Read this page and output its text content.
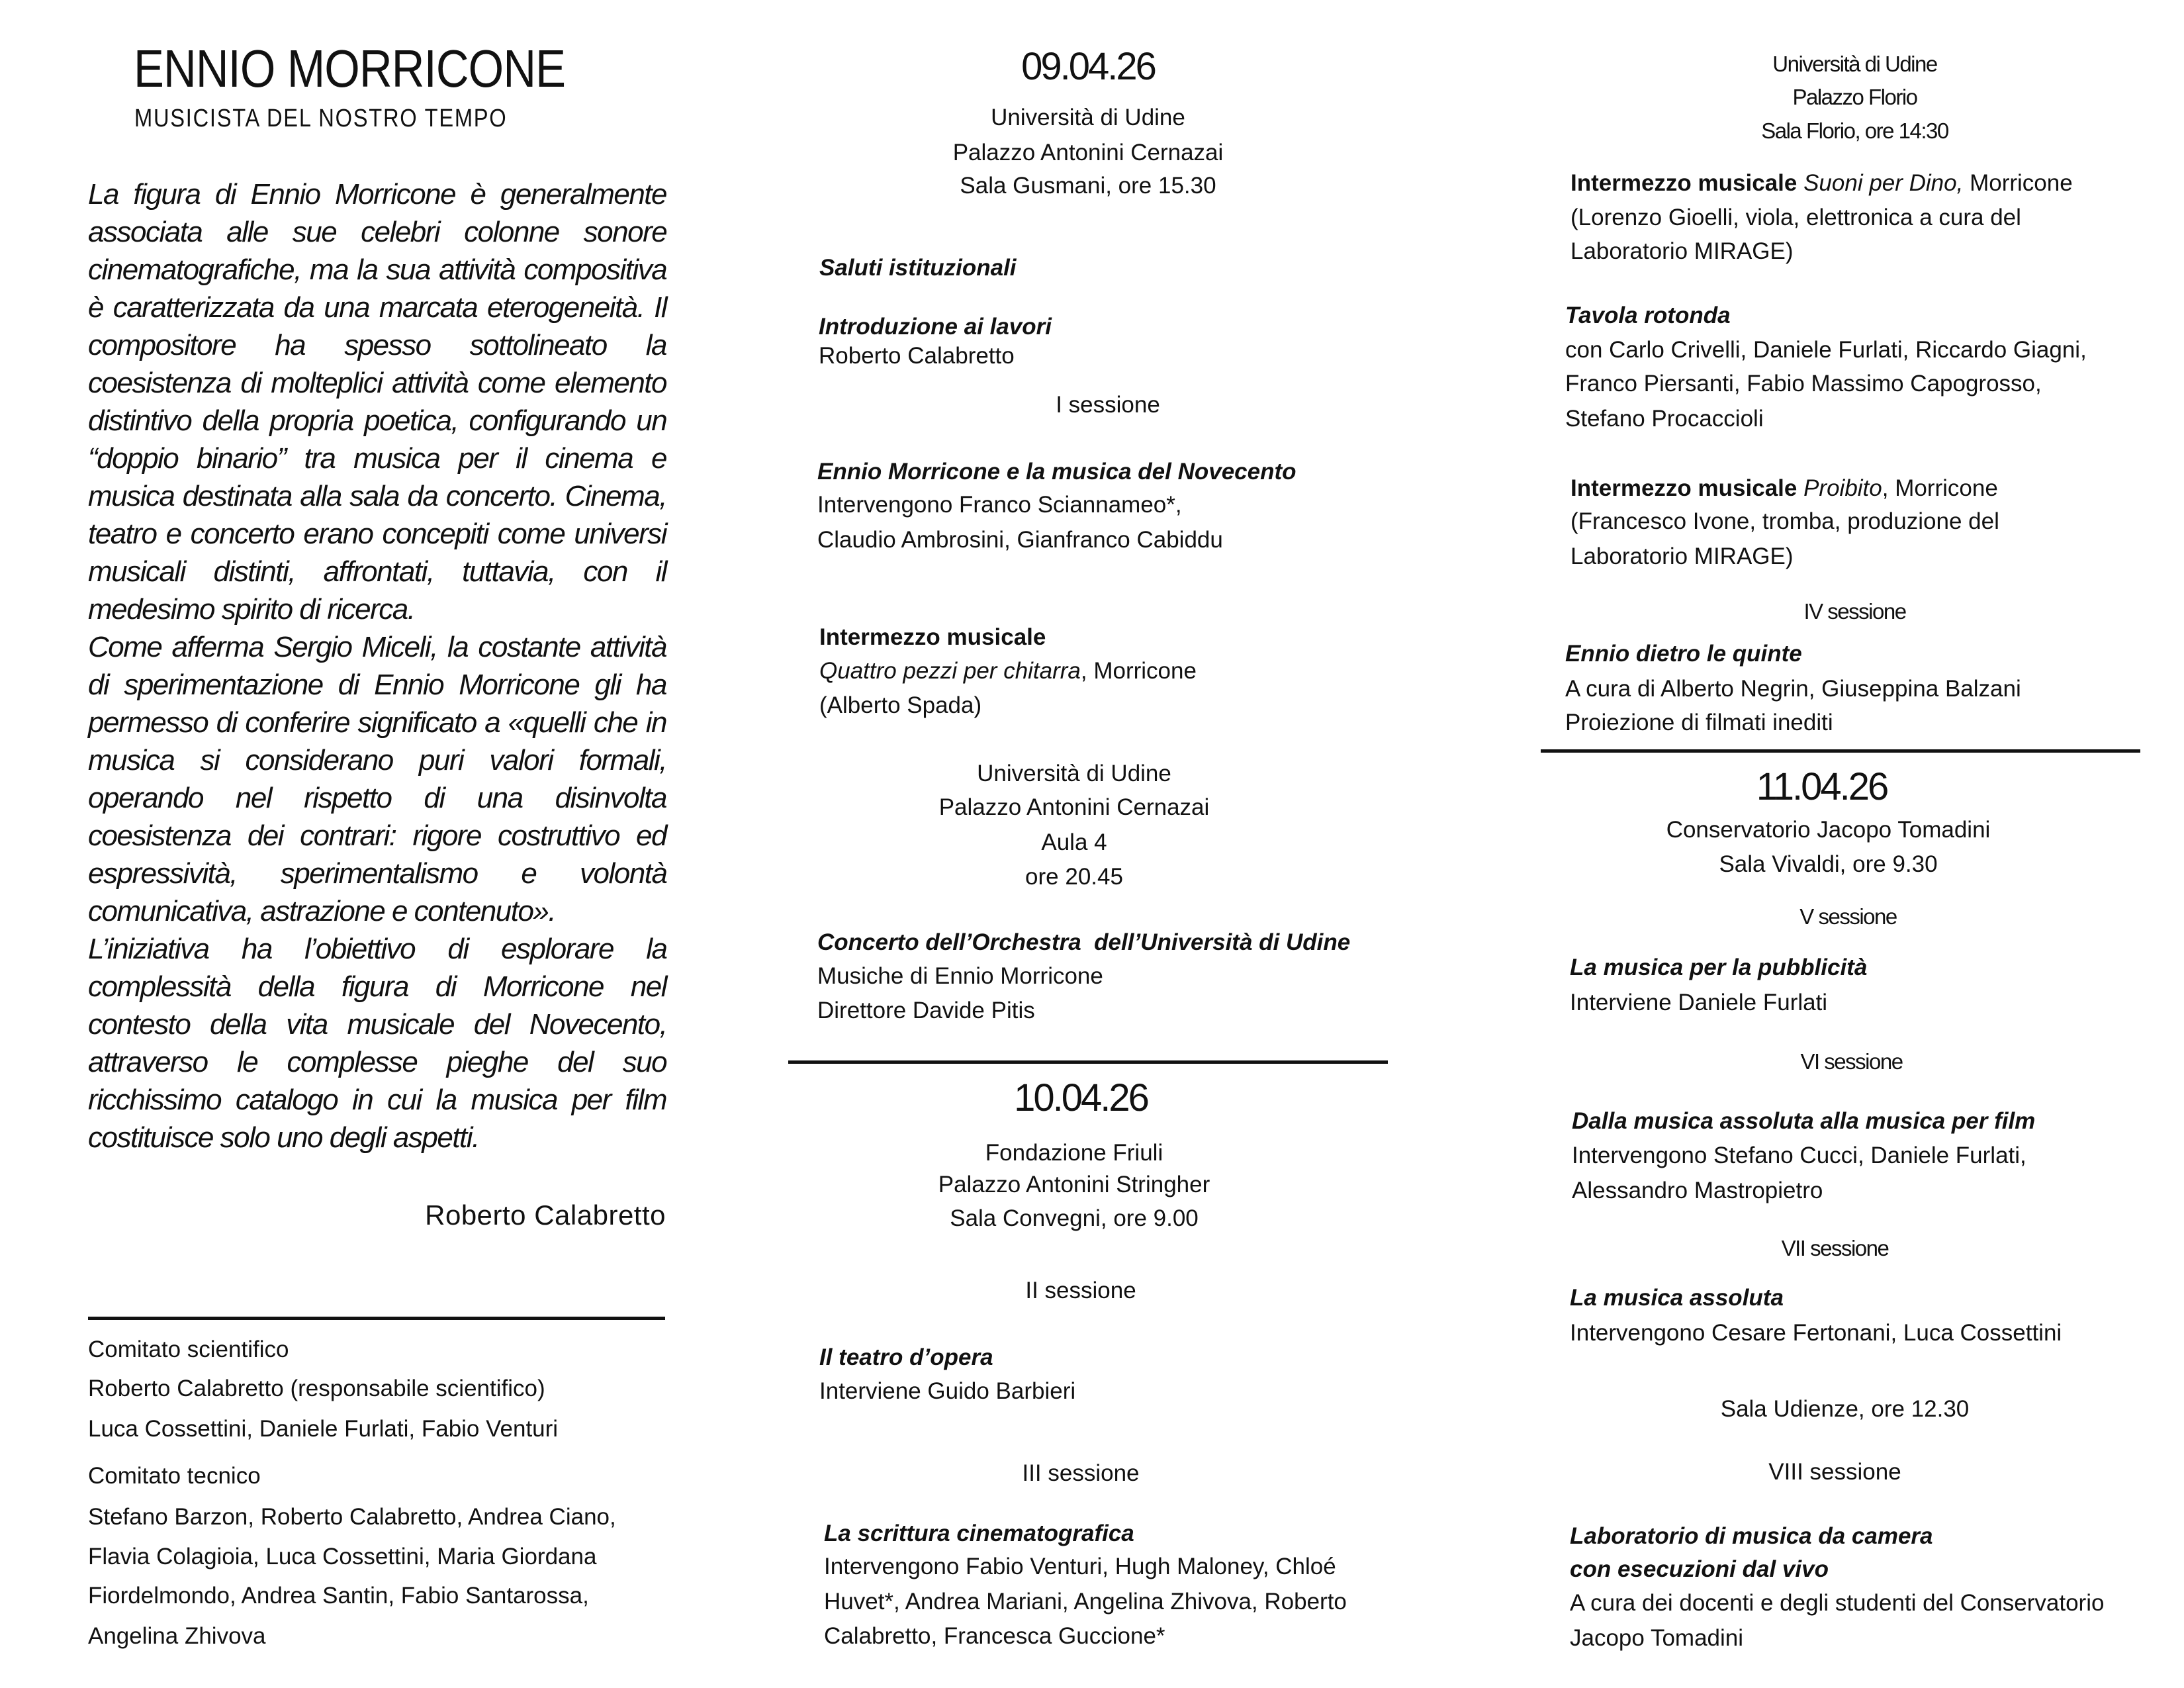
ENNIO MORRICONE
MUSICISTA DEL NOSTRO TEMPO
La figura di Ennio Morricone è generalmente
associata alle sue celebri colonne sonore
cinematografiche, ma la sua attività compositiva
è caratterizzata da una marcata eterogeneità. Il
compositore ha spesso sottolineato la
coesistenza di molteplici attività come elemento
distintivo della propria poetica, configurando un
“doppio binario” tra musica per il cinema e
musica destinata alla sala da concerto. Cinema,
teatro e concerto erano concepiti come universi
musicali distinti, affrontati, tuttavia, con il
medesimo spirito di ricerca.
Come afferma Sergio Miceli, la costante attività
di sperimentazione di Ennio Morricone gli ha
permesso di conferire significato a «quelli che in
musica si considerano puri valori formali,
operando nel rispetto di una disinvolta
coesistenza dei contrari: rigore costruttivo ed
espressività, sperimentalismo e volontà
comunicativa, astrazione e contenuto».
L’iniziativa ha l’obiettivo di esplorare la
complessità della figura di Morricone nel
contesto della vita musicale del Novecento,
attraverso le complesse pieghe del suo
ricchissimo catalogo in cui la musica per film
costituisce solo uno degli aspetti.
Roberto Calabretto
Comitato scientifico
Roberto Calabretto (responsabile scientifico)
Luca Cossettini, Daniele Furlati, Fabio Venturi
Comitato tecnico
Stefano Barzon, Roberto Calabretto, Andrea Ciano,
Flavia Colagioia, Luca Cossettini, Maria Giordana
Fiordelmondo, Andrea Santin, Fabio Santarossa,
Angelina Zhivova
09.04.26
Università di Udine
Palazzo Antonini Cernazai
Sala Gusmani, ore 15.30
Saluti istituzionali
Introduzione ai lavori
Roberto Calabretto
I sessione
Ennio Morricone e la musica del Novecento
Intervengono Franco Sciannameo*,
Claudio Ambrosini, Gianfranco Cabiddu
Intermezzo musicale
Quattro pezzi per chitarra, Morricone
(Alberto Spada)
Università di Udine
Palazzo Antonini Cernazai
Aula 4
ore 20.45
Concerto dell’Orchestra  dell’Università di Udine
Musiche di Ennio Morricone
Direttore Davide Pitis
10.04.26
Fondazione Friuli
Palazzo Antonini Stringher
Sala Convegni, ore 9.00
II sessione
Il teatro d’opera
Interviene Guido Barbieri
III sessione
La scrittura cinematografica
Intervengono Fabio Venturi, Hugh Maloney, Chloé
Huvet*, Andrea Mariani, Angelina Zhivova, Roberto
Calabretto, Francesca Guccione*
Università di Udine
Palazzo Florio
Sala Florio, ore 14:30
Intermezzo musicale Suoni per Dino, Morricone
(Lorenzo Gioelli, viola, elettronica a cura del
Laboratorio MIRAGE)
Tavola rotonda
con Carlo Crivelli, Daniele Furlati, Riccardo Giagni,
Franco Piersanti, Fabio Massimo Capogrosso,
Stefano Procaccioli
Intermezzo musicale Proibito, Morricone
(Francesco Ivone, tromba, produzione del
Laboratorio MIRAGE)
IV sessione
Ennio dietro le quinte
A cura di Alberto Negrin, Giuseppina Balzani
Proiezione di filmati inediti
11.04.26
Conservatorio Jacopo Tomadini
Sala Vivaldi, ore 9.30
V sessione
La musica per la pubblicità
Interviene Daniele Furlati
VI sessione
Dalla musica assoluta alla musica per film
Intervengono Stefano Cucci, Daniele Furlati,
Alessandro Mastropietro
VII sessione
La musica assoluta
Intervengono Cesare Fertonani, Luca Cossettini
Sala Udienze, ore 12.30
VIII sessione
Laboratorio di musica da camera
con esecuzioni dal vivo
A cura dei docenti e degli studenti del Conservatorio
Jacopo Tomadini
